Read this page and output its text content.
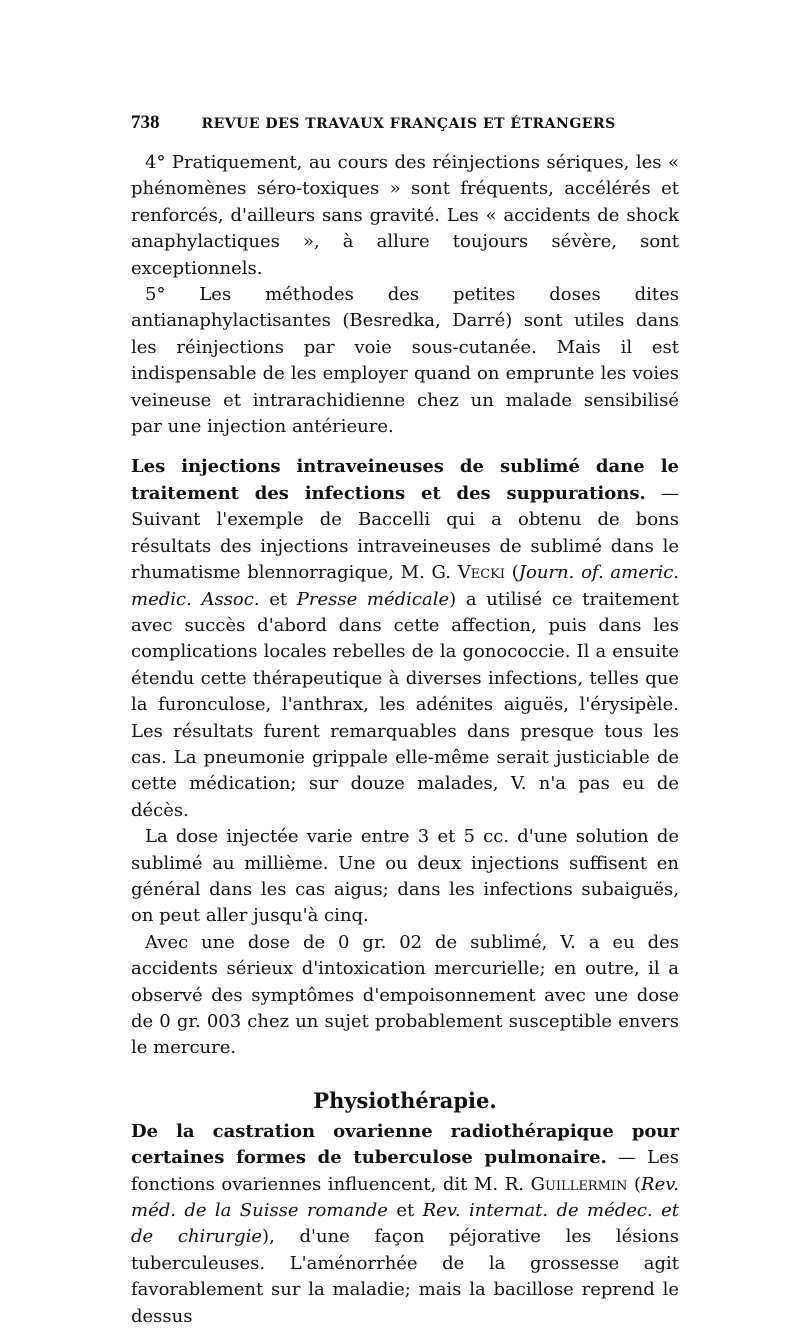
738	REVUE DES TRAVAUX FRANÇAIS ET ÉTRANGERS

4° Pratiquement, au cours des réinjections sériques, les « phénomènes séro-toxiques » sont fréquents, accélérés et renforcés, d'ailleurs sans gravité. Les « accidents de shock anaphylactiques », à allure toujours sévère, sont exceptionnels.

5° Les méthodes des petites doses dites antianaphylactisantes (Besredka, Darré) sont utiles dans les réinjections par voie sous-cutanée. Mais il est indispensable de les employer quand on emprunte les voies veineuse et intrarachidienne chez un malade sensibilisé par une injection antérieure.

Les injections intraveineuses de sublimé dane le traitement des infections et des suppurations. — Suivant l'exemple de Baccelli qui a obtenu de bons résultats des injections intraveineuses de sublimé dans le rhumatisme blennorragique, M. G. Vecki (Journ. of. americ. medic. Assoc. et Presse médicale) a utilisé ce traitement avec succès d'abord dans cette affection, puis dans les complications locales rebelles de la gonococcie. Il a ensuite étendu cette thérapeutique à diverses infections, telles que la furonculose, l'anthrax, les adénites aiguës, l'érysipèle. Les résultats furent remarquables dans presque tous les cas. La pneumonie grippale elle-même serait justiciable de cette médication; sur douze malades, V. n'a pas eu de décès.

La dose injectée varie entre 3 et 5 cc. d'une solution de sublimé au millième. Une ou deux injections suffisent en général dans les cas aigus; dans les infections subaiguës, on peut aller jusqu'à cinq.

Avec une dose de 0 gr. 02 de sublimé, V. a eu des accidents sérieux d'intoxication mercurielle; en outre, il a observé des symptômes d'empoisonnement avec une dose de 0 gr. 003 chez un sujet probablement susceptible envers le mercure.

Physiothérapie.

De la castration ovarienne radiothérapique pour certaines formes de tuberculose pulmonaire. — Les fonctions ovariennes influencent, dit M. R. Guillermin (Rev. méd. de la Suisse romande et Rev. internat. de médec. et de chirurgie), d'une façon péjorative les lésions tuberculeuses. L'aménorrhée de la grossesse agit favorablement sur la maladie; mais la bacillose reprend le dessus
